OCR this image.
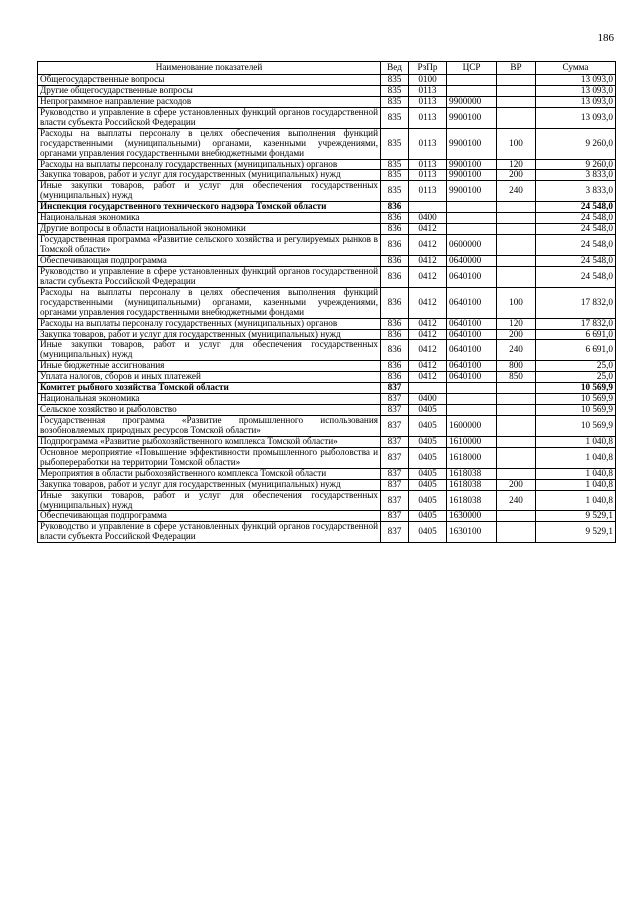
186
Наименование показателей	Вед	РзПр	ЦСР	ВР	Сумма
Общегосударственные вопросы	835	0100			13 093,0
Другие общегосударственные вопросы	835	0113			13 093,0
Непрограммное направление расходов	835	0113	9900000		13 093,0
Руководство и управление в сфере установленных функций органов государственной власти субъекта Российской Федерации	835	0113	9900100		13 093,0
Расходы на выплаты персоналу в целях обеспечения выполнения функций государственными (муниципальными) органами, казенными учреждениями, органами управления государственными внебюджетными фондами	835	0113	9900100	100	9 260,0
Расходы на выплаты персоналу государственных (муниципальных) органов	835	0113	9900100	120	9 260,0
Закупка товаров, работ и услуг для государственных (муниципальных) нужд	835	0113	9900100	200	3 833,0
Иные закупки товаров, работ и услуг для обеспечения государственных (муниципальных) нужд	835	0113	9900100	240	3 833,0
Инспекция государственного технического надзора Томской области	836				24 548,0
Национальная экономика	836	0400			24 548,0
Другие вопросы в области национальной экономики	836	0412			24 548,0
Государственная программа «Развитие сельского хозяйства и регулируемых рынков в Томской области»	836	0412	0600000		24 548,0
Обеспечивающая подпрограмма	836	0412	0640000		24 548,0
Руководство и управление в сфере установленных функций органов государственной власти субъекта Российской Федерации	836	0412	0640100		24 548,0
Расходы на выплаты персоналу в целях обеспечения выполнения функций государственными (муниципальными) органами, казенными учреждениями, органами управления государственными внебюджетными фондами	836	0412	0640100	100	17 832,0
Расходы на выплаты персоналу государственных (муниципальных) органов	836	0412	0640100	120	17 832,0
Закупка товаров, работ и услуг для государственных (муниципальных) нужд	836	0412	0640100	200	6 691,0
Иные закупки товаров, работ и услуг для обеспечения государственных (муниципальных) нужд	836	0412	0640100	240	6 691,0
Иные бюджетные ассигнования	836	0412	0640100	800	25,0
Уплата налогов, сборов и иных платежей	836	0412	0640100	850	25,0
Комитет рыбного хозяйства Томской области	837				10 569,9
Национальная экономика	837	0400			10 569,9
Сельское хозяйство и рыболовство	837	0405			10 569,9
Государственная программа «Развитие промышленного использования возобновляемых природных ресурсов Томской области»	837	0405	1600000		10 569,9
Подпрограмма «Развитие рыбохозяйственного комплекса Томской области»	837	0405	1610000		1 040,8
Основное мероприятие «Повышение эффективности промышленного рыболовства и рыбопереработки на территории Томской области»	837	0405	1618000		1 040,8
Мероприятия в области рыбохозяйственного комплекса Томской области	837	0405	1618038		1 040,8
Закупка товаров, работ и услуг для государственных (муниципальных) нужд	837	0405	1618038	200	1 040,8
Иные закупки товаров, работ и услуг для обеспечения государственных (муниципальных) нужд	837	0405	1618038	240	1 040,8
Обеспечивающая подпрограмма	837	0405	1630000		9 529,1
Руководство и управление в сфере установленных функций органов государственной власти субъекта Российской Федерации	837	0405	1630100		9 529,1
